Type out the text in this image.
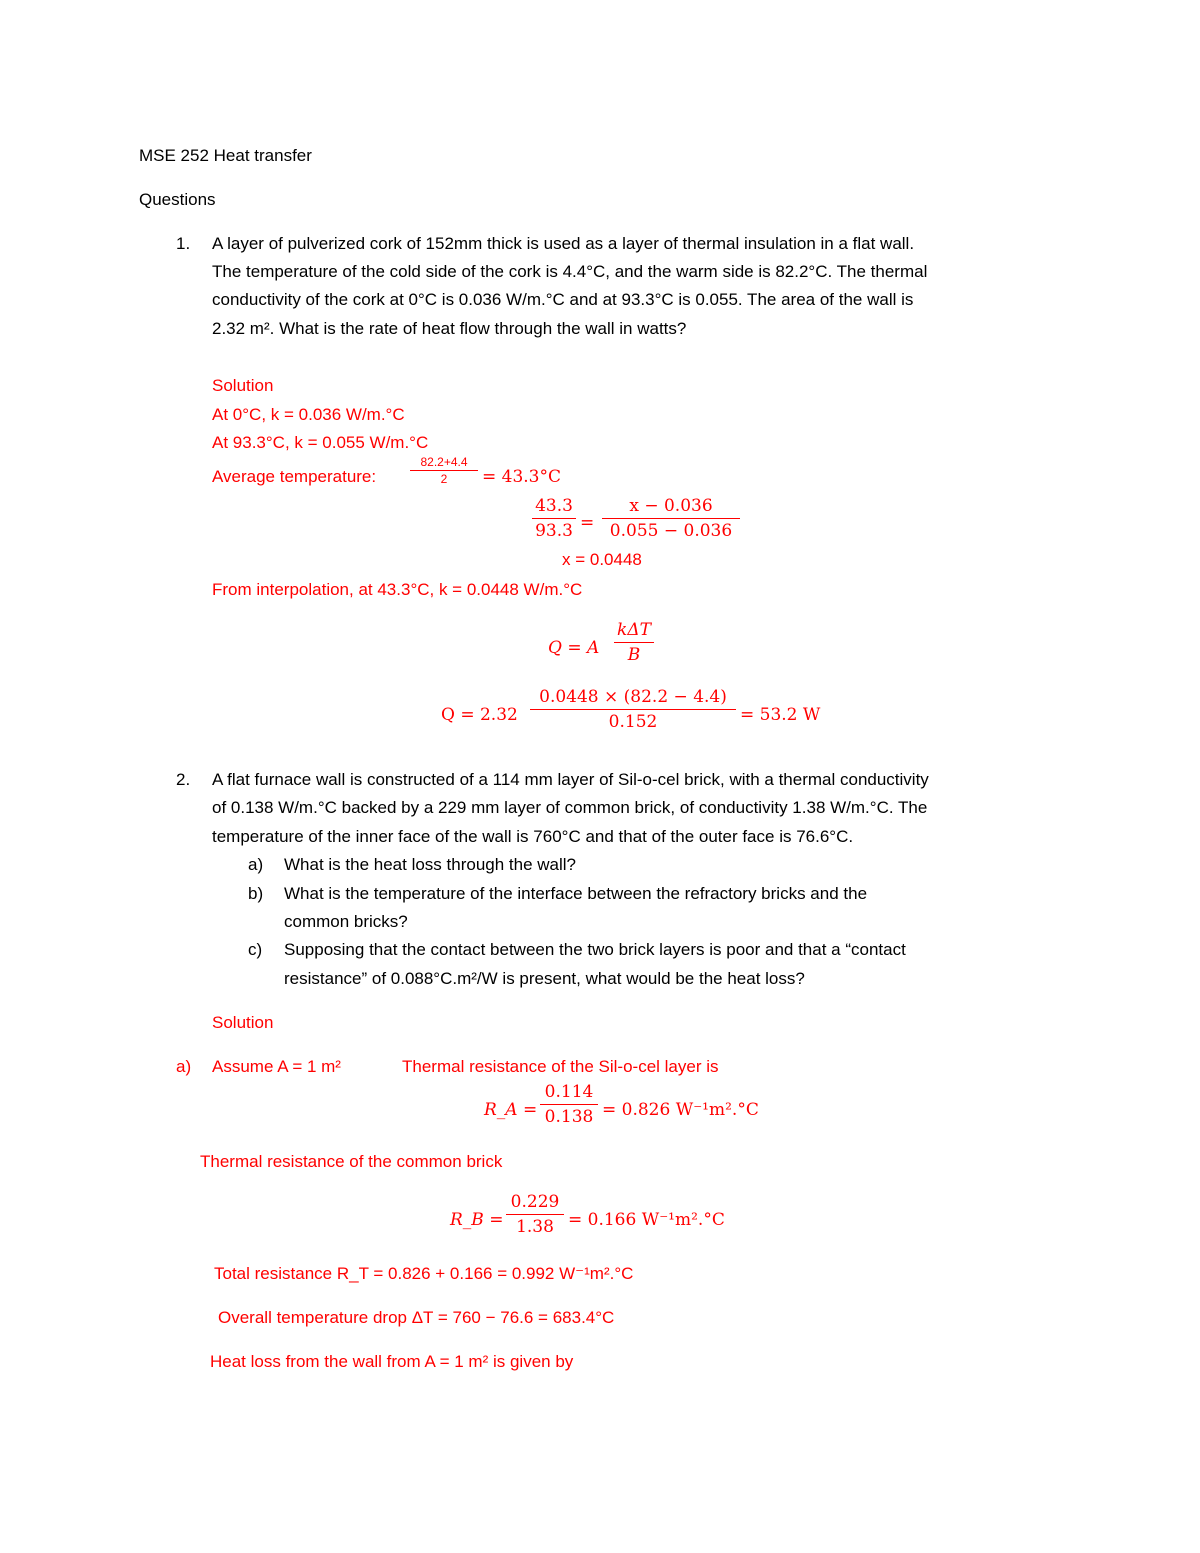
MSE 252 Heat transfer
Questions
1. A layer of pulverized cork of 152mm thick is used as a layer of thermal insulation in a flat wall.
The temperature of the cold side of the cork is 4.4°C, and the warm side is 82.2°C. The thermal
conductivity of the cork at 0°C is 0.036 W/m.°C and at 93.3°C is 0.055. The area of the wall is
2.32 m². What is the rate of heat flow through the wall in watts?
Solution
At 0°C, k = 0.036 W/m.°C
At 93.3°C, k = 0.055 W/m.°C
Average temperature:
82.2+4.4
2	= 43.3°C
43.3
93.3 =
x − 0.036
0.055 − 0.036
x = 0.0448
From interpolation, at 43.3°C, k = 0.0448 W/m.°C
Q = A
kΔT
B
Q = 2.32
0.0448 × (82.2 − 4.4)
0.152	= 53.2 W
2. A flat furnace wall is constructed of a 114 mm layer of Sil-o-cel brick, with a thermal conductivity
of 0.138 W/m.°C backed by a 229 mm layer of common brick, of conductivity 1.38 W/m.°C. The
temperature of the inner face of the wall is 760°C and that of the outer face is 76.6°C.
a) What is the heat loss through the wall?
b) What is the temperature of the interface between the refractory bricks and the
common bricks?
c) Supposing that the contact between the two brick layers is poor and that a “contact
resistance” of 0.088°C.m²/W is present, what would be the heat loss?
Solution
a) Assume A = 1 m²	Thermal resistance of the Sil-o-cel layer is
R_A =
0.114
0.138 = 0.826 W⁻¹m².°C
Thermal resistance of the common brick
R_B =
0.229
1.38 = 0.166 W⁻¹m².°C
Total resistance R_T = 0.826 + 0.166 = 0.992 W⁻¹m².°C
Overall temperature drop ΔT = 760 − 76.6 = 683.4°C
Heat loss from the wall from A = 1 m² is given by
